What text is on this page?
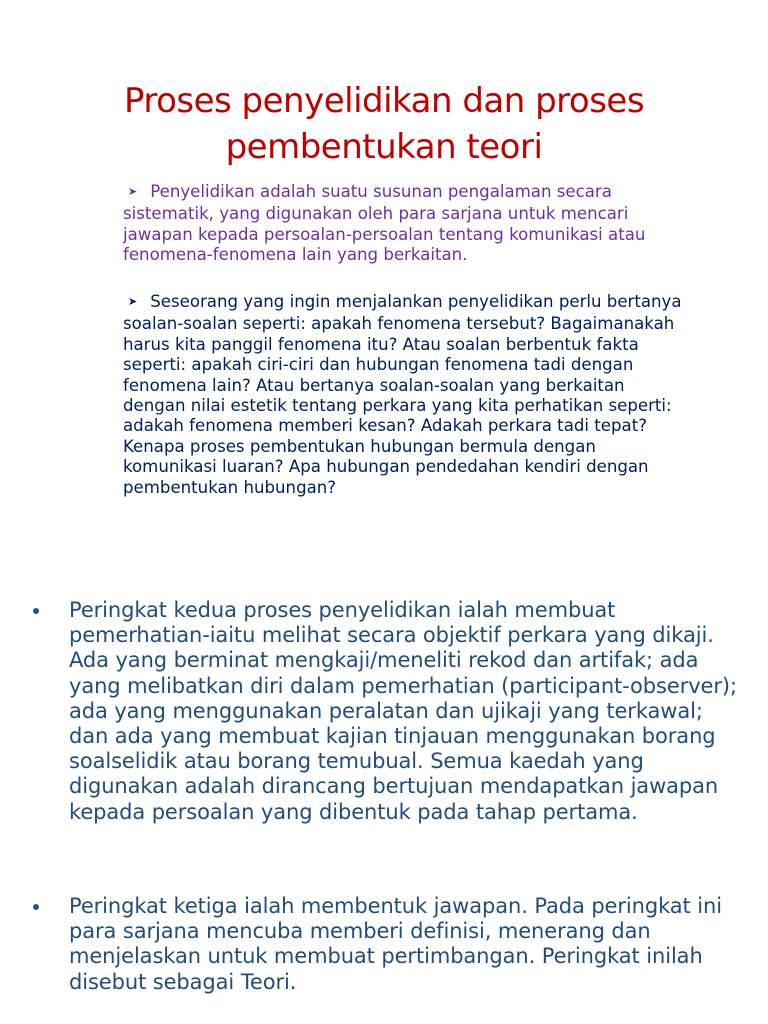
Proses penyelidikan dan proses pembentukan teori

➤ Penyelidikan adalah suatu susunan pengalaman secara sistematik, yang digunakan oleh para sarjana untuk mencari jawapan kepada persoalan-persoalan tentang komunikasi atau fenomena-fenomena lain yang berkaitan.

➤ Seseorang yang ingin menjalankan penyelidikan perlu bertanya soalan-soalan seperti: apakah fenomena tersebut? Bagaimanakah harus kita panggil fenomena itu? Atau soalan berbentuk fakta seperti: apakah ciri-ciri dan hubungan fenomena tadi dengan fenomena lain? Atau bertanya soalan-soalan yang berkaitan dengan nilai estetik tentang perkara yang kita perhatikan seperti: adakah fenomena memberi kesan? Adakah perkara tadi tepat? Kenapa proses pembentukan hubungan bermula dengan komunikasi luaran? Apa hubungan pendedahan kendiri dengan pembentukan hubungan?

Peringkat kedua proses penyelidikan ialah membuat pemerhatian-iaitu melihat secara objektif perkara yang dikaji. Ada yang berminat mengkaji/meneliti rekod dan artifak; ada yang melibatkan diri dalam pemerhatian (participant-observer); ada yang menggunakan peralatan dan ujikaji yang terkawal; dan ada yang membuat kajian tinjauan menggunakan borang soalselidik atau borang temubual. Semua kaedah yang digunakan adalah dirancang bertujuan mendapatkan jawapan kepada persoalan yang dibentuk pada tahap pertama.
Peringkat ketiga ialah membentuk jawapan. Pada peringkat ini para sarjana mencuba memberi definisi, menerang dan menjelaskan untuk membuat pertimbangan. Peringkat inilah disebut sebagai Teori.
